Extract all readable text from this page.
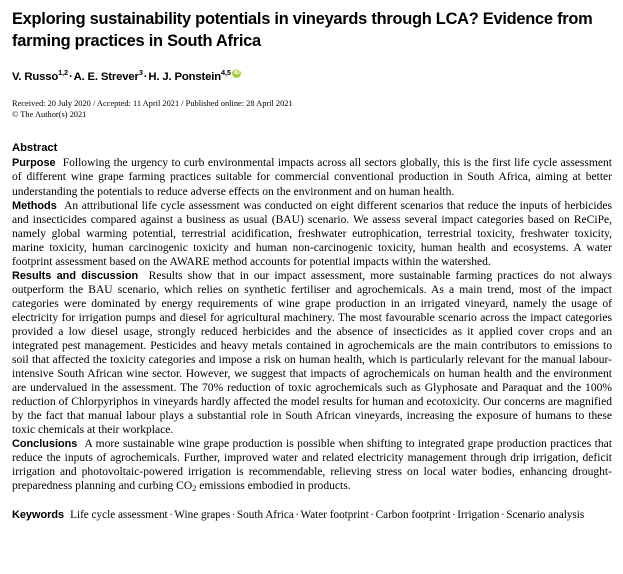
Exploring sustainability potentials in vineyards through LCA? Evidence from farming practices in South Africa
V. Russo$^{1,2}$·A. E. Strever$^3$·H. J. Ponstein$^{4,5}$iD
Received: 20 July 2020 / Accepted: 11 April 2021 / Published online: 28 April 2021
© The Author(s) 2021
Abstract

Purpose Following the urgency to curb environmental impacts across all sectors globally, this is the first life cycle assessment of different wine grape farming practices suitable for commercial conventional production in South Africa, aiming at better understanding the potentials to reduce adverse effects on the environment and on human health.

Methods An attributional life cycle assessment was conducted on eight different scenarios that reduce the inputs of herbicides and insecticides compared against a business as usual (BAU) scenario. We assess several impact categories based on ReCiPe, namely global warming potential, terrestrial acidification, freshwater eutrophication, terrestrial toxicity, freshwater toxicity, marine toxicity, human carcinogenic toxicity and human non-carcinogenic toxicity, human health and ecosystems. A water footprint assessment based on the AWARE method accounts for potential impacts within the watershed.

Results and discussion Results show that in our impact assessment, more sustainable farming practices do not always outperform the BAU scenario, which relies on synthetic fertiliser and agrochemicals. As a main trend, most of the impact categories were dominated by energy requirements of wine grape production in an irrigated vineyard, namely the usage of electricity for irrigation pumps and diesel for agricultural machinery. The most favourable scenario across the impact categories provided a low diesel usage, strongly reduced herbicides and the absence of insecticides as it applied cover crops and an integrated pest management. Pesticides and heavy metals contained in agrochemicals are the main contributors to emissions to soil that affected the toxicity categories and impose a risk on human health, which is particularly relevant for the manual labour-intensive South African wine sector. However, we suggest that impacts of agrochemicals on human health and the environment are undervalued in the assessment. The 70% reduction of toxic agrochemicals such as Glyphosate and Paraquat and the 100% reduction of Chlorpyriphos in vineyards hardly affected the model results for human and ecotoxicity. Our concerns are magnified by the fact that manual labour plays a substantial role in South African vineyards, increasing the exposure of humans to these toxic chemicals at their workplace.

Conclusions A more sustainable wine grape production is possible when shifting to integrated grape production practices that reduce the inputs of agrochemicals. Further, improved water and related electricity management through drip irrigation, deficit irrigation and photovoltaic-powered irrigation is recommendable, relieving stress on local water bodies, enhancing drought-preparedness planning and curbing $CO_2$ emissions embodied in products.

Keywords Life cycle assessment · Wine grapes · South Africa · Water footprint · Carbon footprint · Irrigation · Scenario analysis
